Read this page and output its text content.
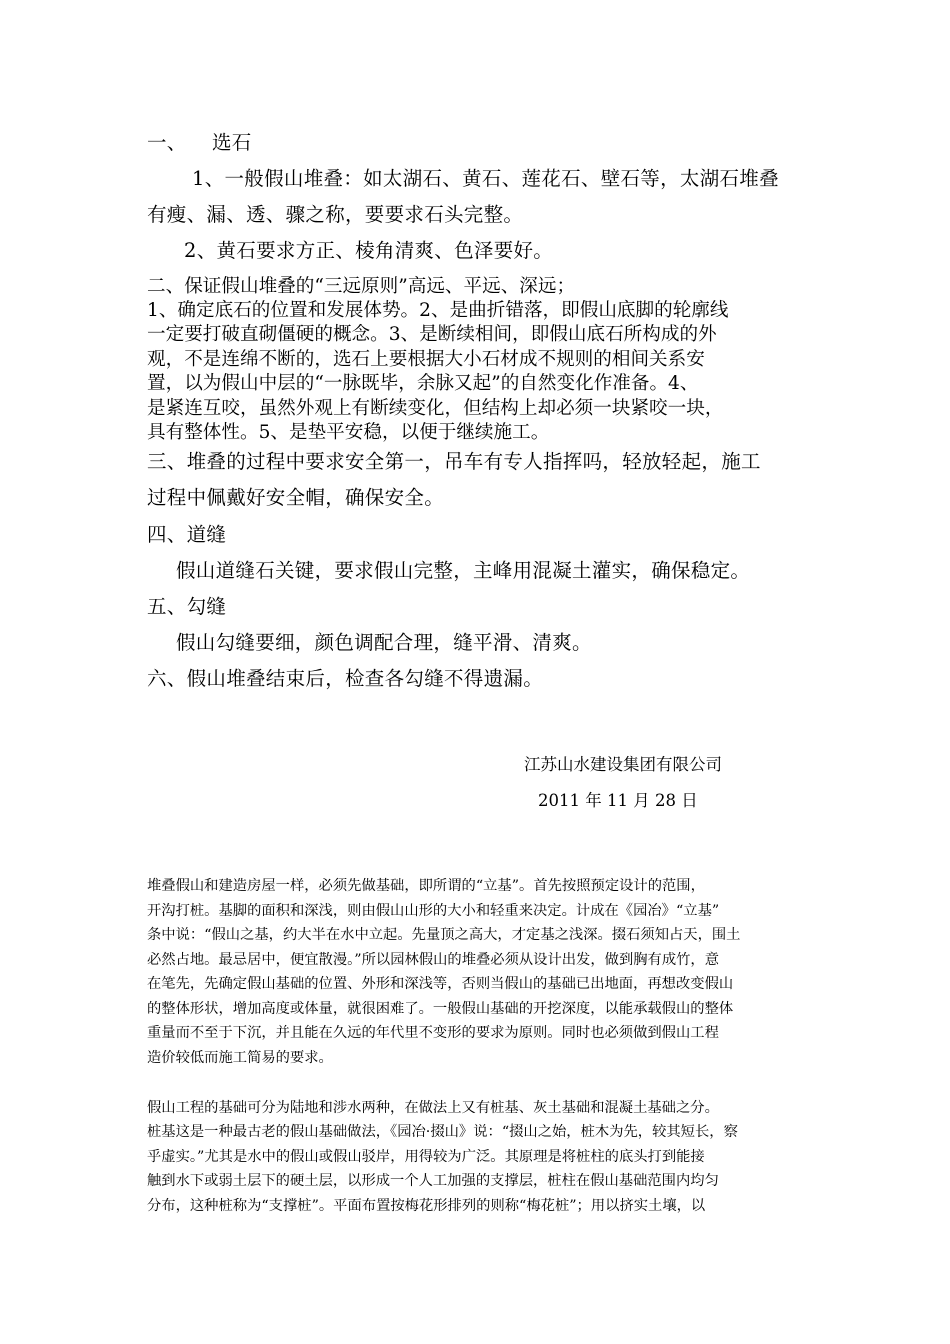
一、 选石
1、一般假山堆叠：如太湖石、黄石、莲花石、壁石等，太湖石堆叠
有瘦、漏、透、骤之称，要要求石头完整。
2、黄石要求方正、棱角清爽、色泽要好。
二、保证假山堆叠的“三远原则”高远、平远、深远；
1、确定底石的位置和发展体势。2、是曲折错落，即假山底脚的轮廓线
一定要打破直砌僵硬的概念。3、是断续相间，即假山底石所构成的外
观，不是连绵不断的，选石上要根据大小石材成不规则的相间关系安
置，以为假山中层的“一脉既毕，余脉又起”的自然变化作准备。4、
是紧连互咬，虽然外观上有断续变化，但结构上却必须一块紧咬一块，
具有整体性。5、是垫平安稳，以便于继续施工。
三、堆叠的过程中要求安全第一，吊车有专人指挥吗，轻放轻起，施工
过程中佩戴好安全帽，确保安全。
四、道缝
假山道缝石关键，要求假山完整，主峰用混凝土灌实，确保稳定。
五、勾缝
假山勾缝要细，颜色调配合理，缝平滑、清爽。
六、假山堆叠结束后，检查各勾缝不得遗漏。
江苏山水建设集团有限公司
2011 年 11 月 28 日
堆叠假山和建造房屋一样，必须先做基础，即所谓的“立基”。首先按照预定设计的范围，
开沟打桩。基脚的面积和深浅，则由假山山形的大小和轻重来决定。计成在《园冶》“立基”
条中说：“假山之基，约大半在水中立起。先量顶之高大，才定基之浅深。掇石须知占天，围土
必然占地。最忌居中，便宜散漫。”所以园林假山的堆叠必须从设计出发，做到胸有成竹，意
在笔先，先确定假山基础的位置、外形和深浅等，否则当假山的基础已出地面，再想改变假山
的整体形状，增加高度或体量，就很困难了。一般假山基础的开挖深度，以能承载假山的整体
重量而不至于下沉，并且能在久远的年代里不变形的要求为原则。同时也必须做到假山工程
造价较低而施工简易的要求。
假山工程的基础可分为陆地和涉水两种，在做法上又有桩基、灰土基础和混凝土基础之分。
桩基这是一种最古老的假山基础做法，《园冶·掇山》说：“掇山之始，桩木为先，较其短长，察
乎虚实。”尤其是水中的假山或假山驳岸，用得较为广泛。其原理是将桩柱的底头打到能接
触到水下或弱土层下的硬土层，以形成一个人工加强的支撑层，桩柱在假山基础范围内均匀
分布，这种桩称为“支撑桩”。平面布置按梅花形排列的则称“梅花桩”；用以挤实土壤，以
